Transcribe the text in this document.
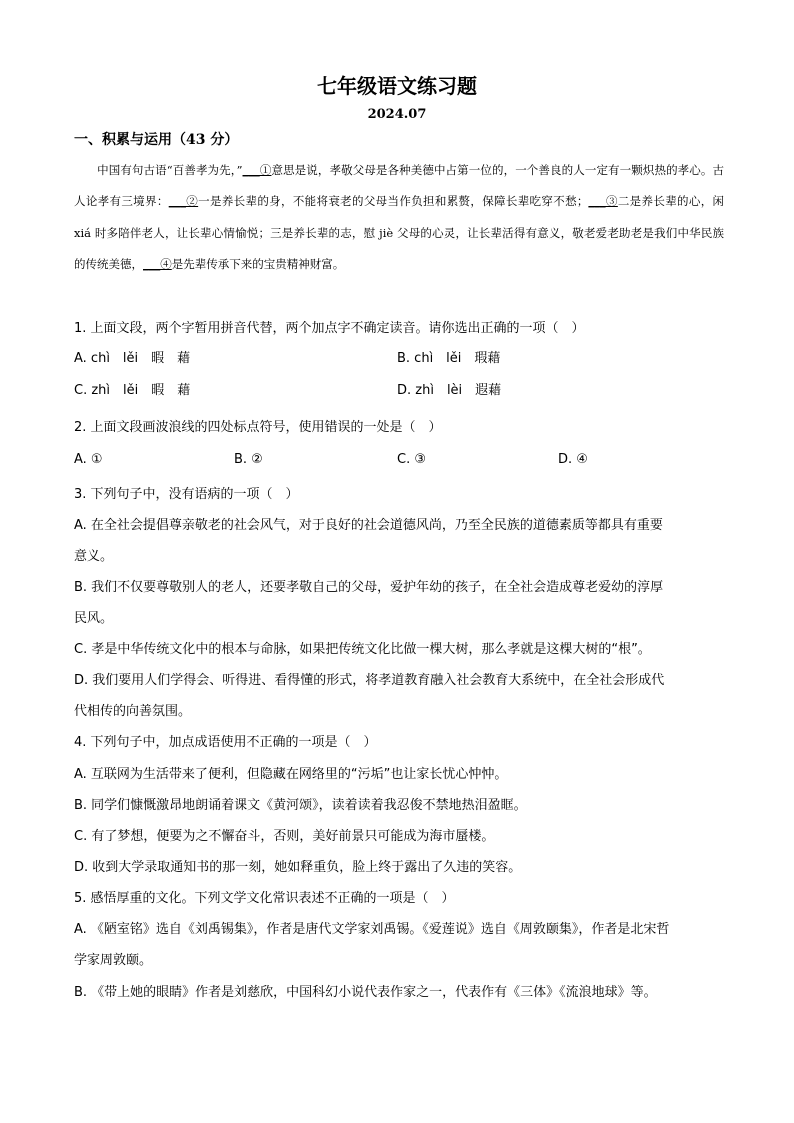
七年级语文练习题
2024.07
一、积累与运用（43 分）
中国有句古语“百善孝为先，”___①意思是说，孝敬父母是各种美德中占第一位的，一个善良的人一定有一颗炽热的孝心。古人论孝有三境界：___②一是养长辈的身，不能将衰老的父母当作负担和累赘，保障长辈吃穿不愁；___③二是养长辈的心，闲 xiá 时多陪伴老人，让长辈心情愉悦；三是养长辈的志，慰 jiè 父母的心灵，让长辈活得有意义，敬老爱老助老是我们中华民族的传统美德，___④是先辈传承下来的宝贵精神财富。
1. 上面文段，两个字暂用拼音代替，两个加点字不确定读音。请你选出正确的一项（　）
A. chì　lěi　暇　藉	B. chì　lěi　瑕藉
C. zhì　lěi　暇　藉	D. zhì　lèi　遐藉
2. 上面文段画波浪线的四处标点符号，使用错误的一处是（　）
A. ①	B. ②	C. ③	D. ④
3. 下列句子中，没有语病的一项（　）
A. 在全社会提倡尊亲敬老的社会风气，对于良好的社会道德风尚，乃至全民族的道德素质等都具有重要
意义。
B. 我们不仅要尊敬别人的老人，还要孝敬自己的父母，爱护年幼的孩子，在全社会造成尊老爱幼的淳厚
民风。
C. 孝是中华传统文化中的根本与命脉，如果把传统文化比做一棵大树，那么孝就是这棵大树的“根”。
D. 我们要用人们学得会、听得进、看得懂的形式，将孝道教育融入社会教育大系统中，在全社会形成代
代相传的向善氛围。
4. 下列句子中，加点成语使用不正确的一项是（　）
A. 互联网为生活带来了便利，但隐藏在网络里的“污垢”也让家长忧心忡忡。
B. 同学们慷慨激昂地朗诵着课文《黄河颂》，读着读着我忍俊不禁地热泪盈眶。
C. 有了梦想，便要为之不懈奋斗，否则，美好前景只可能成为海市蜃楼。
D. 收到大学录取通知书的那一刻，她如释重负，脸上终于露出了久违的笑容。
5. 感悟厚重的文化。下列文学文化常识表述不正确的一项是（　）
A. 《陋室铭》选自《刘禹锡集》，作者是唐代文学家刘禹锡。《爱莲说》选自《周敦颐集》，作者是北宋哲
学家周敦颐。
B. 《带上她的眼睛》作者是刘慈欣，中国科幻小说代表作家之一，代表作有《三体》《流浪地球》等。
